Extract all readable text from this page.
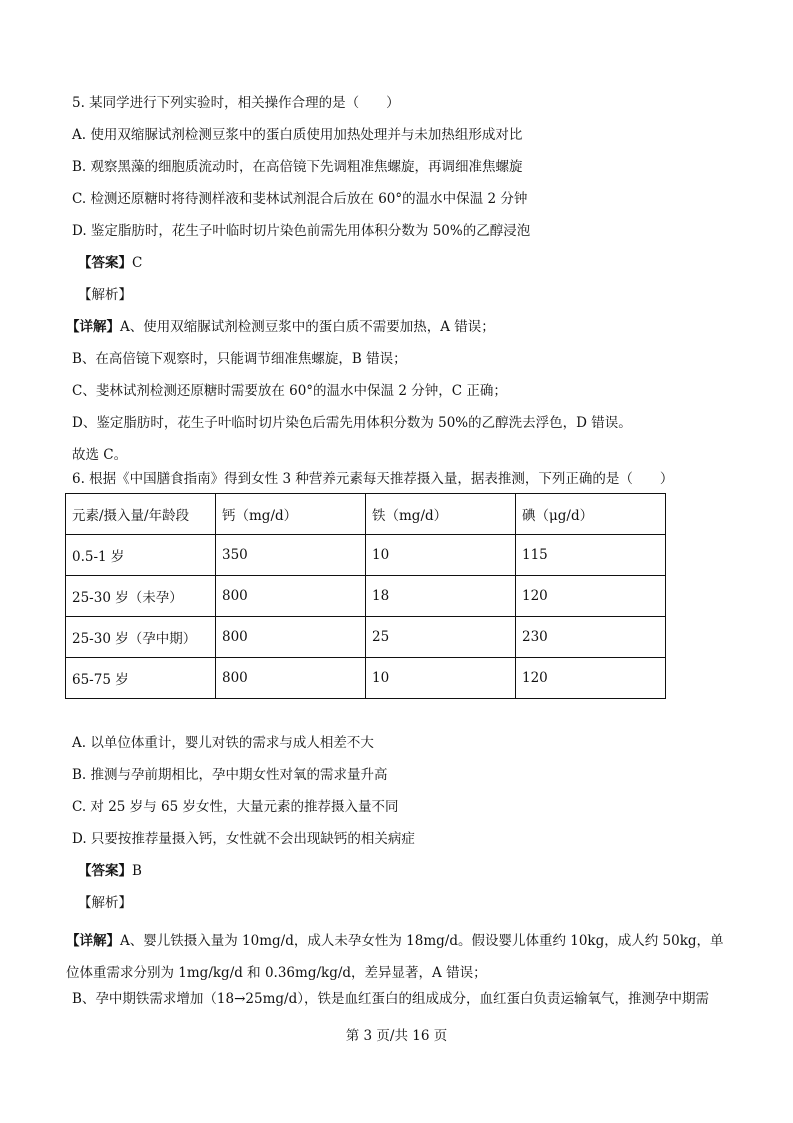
5. 某同学进行下列实验时，相关操作合理的是（　　）
A. 使用双缩脲试剂检测豆浆中的蛋白质使用加热处理并与未加热组形成对比
B. 观察黑藻的细胞质流动时，在高倍镜下先调粗准焦螺旋，再调细准焦螺旋
C. 检测还原糖时将待测样液和斐林试剂混合后放在 60°的温水中保温 2 分钟
D. 鉴定脂肪时，花生子叶临时切片染色前需先用体积分数为 50%的乙醇浸泡
【答案】C
【解析】
【详解】A、使用双缩脲试剂检测豆浆中的蛋白质不需要加热，A 错误；
B、在高倍镜下观察时，只能调节细准焦螺旋，B 错误；
C、斐林试剂检测还原糖时需要放在 60°的温水中保温 2 分钟，C 正确；
D、鉴定脂肪时，花生子叶临时切片染色后需先用体积分数为 50%的乙醇洗去浮色，D 错误。
故选 C。
6. 根据《中国膳食指南》得到女性 3 种营养元素每天推荐摄入量，据表推测，下列正确的是（　　）
元素/摄入量/年龄段	钙（mg/d）	铁（mg/d）	碘（μg/d）
0.5-1 岁	350	10	115
25-30 岁（未孕）	800	18	120
25-30 岁（孕中期）	800	25	230
65-75 岁	800	10	120
A. 以单位体重计，婴儿对铁的需求与成人相差不大
B. 推测与孕前期相比，孕中期女性对氧的需求量升高
C. 对 25 岁与 65 岁女性，大量元素的推荐摄入量不同
D. 只要按推荐量摄入钙，女性就不会出现缺钙的相关病症
【答案】B
【解析】
【详解】A、婴儿铁摄入量为 10mg/d，成人未孕女性为 18mg/d。假设婴儿体重约 10kg，成人约 50kg，单位体重需求分别为 1mg/kg/d 和 0.36mg/kg/d，差异显著，A 错误；
B、孕中期铁需求增加（18→25mg/d），铁是血红蛋白的组成成分，血红蛋白负责运输氧气，推测孕中期需
第 3 页/共 16 页
